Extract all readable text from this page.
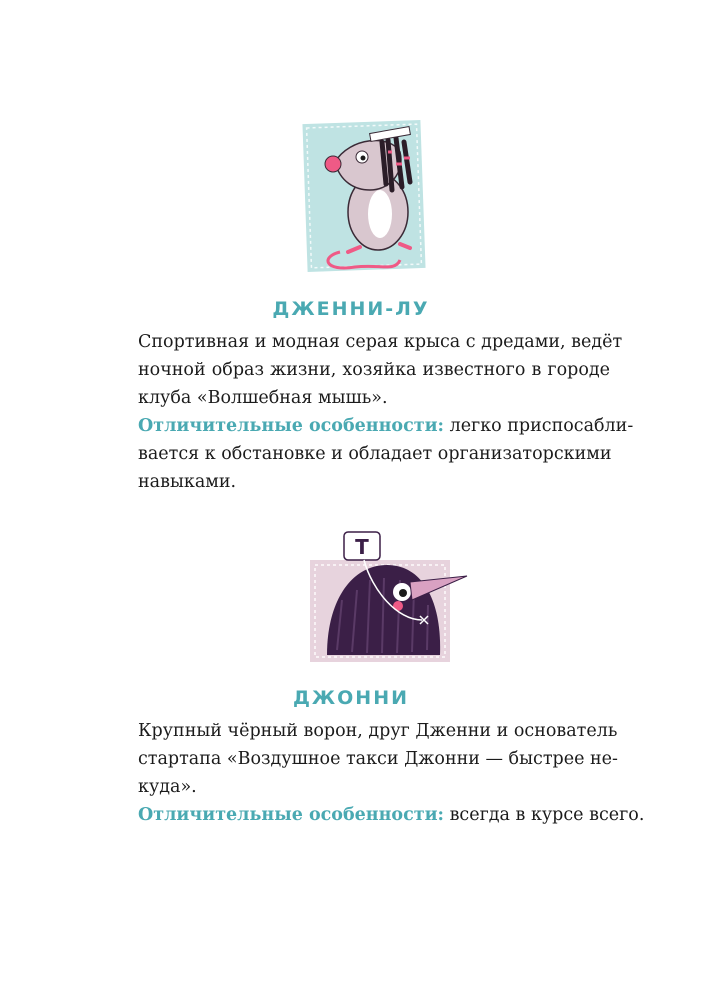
ДЖЕННИ-ЛУ

Спортивная и модная серая крыса с дредами, ведёт
ночной образ жизни, хозяйка известного в городе
клуба «Волшебная мышь».
Отличительные особенности: легко приспосабли-
вается к обстановке и обладает организаторскими
навыками.

Т
ДЖОННИ

Крупный чёрный ворон, друг Дженни и основатель
стартапа «Воздушное такси Джонни — быстрее не-
куда».
Отличительные особенности: всегда в курсе всего.
